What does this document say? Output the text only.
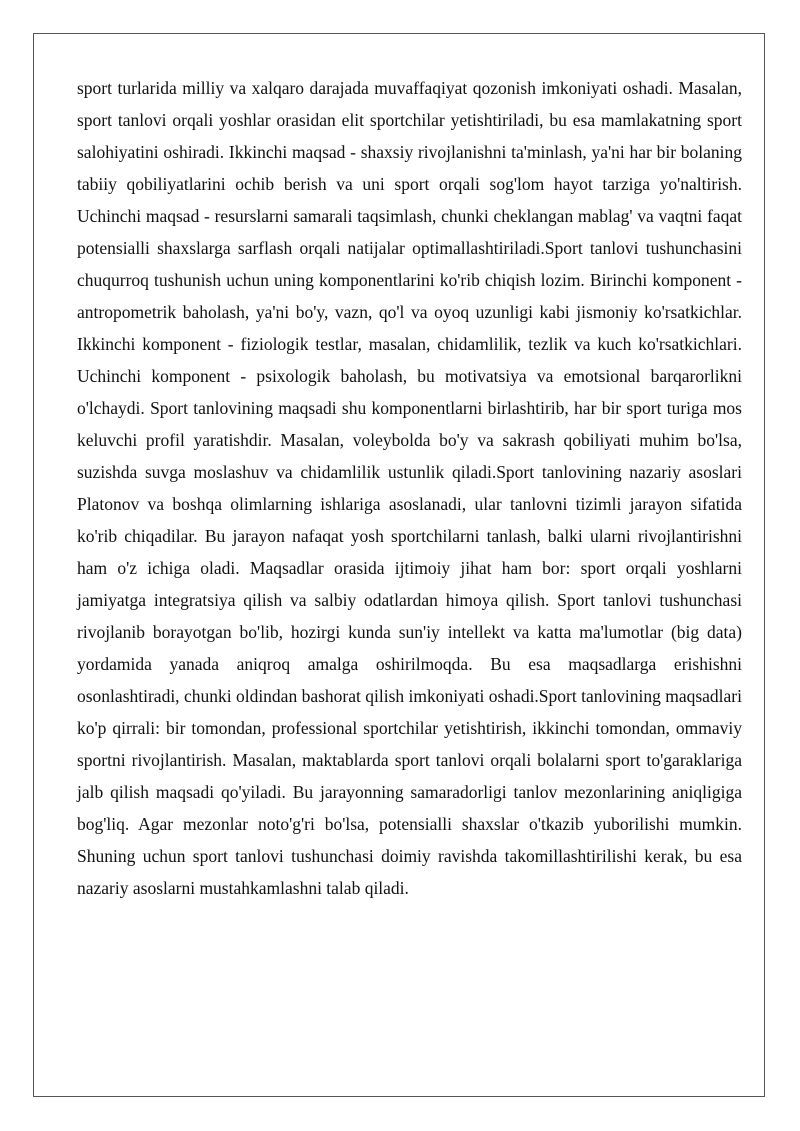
sport turlarida milliy va xalqaro darajada muvaffaqiyat qozonish imkoniyati oshadi. Masalan, sport tanlovi orqali yoshlar orasidan elit sportchilar yetishtiriladi, bu esa mamlakatning sport salohiyatini oshiradi. Ikkinchi maqsad - shaxsiy rivojlanishni ta'minlash, ya'ni har bir bolaning tabiiy qobiliyatlarini ochib berish va uni sport orqali sog'lom hayot tarziga yo'naltirish. Uchinchi maqsad - resurslarni samarali taqsimlash, chunki cheklangan mablag' va vaqtni faqat potensialli shaxslarga sarflash orqali natijalar optimallashtiriladi.Sport tanlovi tushunchasini chuqurroq tushunish uchun uning komponentlarini ko'rib chiqish lozim. Birinchi komponent - antropometrik baholash, ya'ni bo'y, vazn, qo'l va oyoq uzunligi kabi jismoniy ko'rsatkichlar. Ikkinchi komponent - fiziologik testlar, masalan, chidamlilik, tezlik va kuch ko'rsatkichlari. Uchinchi komponent - psixologik baholash, bu motivatsiya va emotsional barqarorlikni o'lchaydi. Sport tanlovining maqsadi shu komponentlarni birlashtirib, har bir sport turiga mos keluvchi profil yaratishdir. Masalan, voleybolda bo'y va sakrash qobiliyati muhim bo'lsa, suzishda suvga moslashuv va chidamlilik ustunlik qiladi.Sport tanlovining nazariy asoslari Platonov va boshqa olimlarning ishlariga asoslanadi, ular tanlovni tizimli jarayon sifatida ko'rib chiqadilar. Bu jarayon nafaqat yosh sportchilarni tanlash, balki ularni rivojlantirishni ham o'z ichiga oladi. Maqsadlar orasida ijtimoiy jihat ham bor: sport orqali yoshlarni jamiyatga integratsiya qilish va salbiy odatlardan himoya qilish. Sport tanlovi tushunchasi rivojlanib borayotgan bo'lib, hozirgi kunda sun'iy intellekt va katta ma'lumotlar (big data) yordamida yanada aniqroq amalga oshirilmoqda. Bu esa maqsadlarga erishishni osonlashtiradi, chunki oldindan bashorat qilish imkoniyati oshadi.Sport tanlovining maqsadlari ko'p qirrali: bir tomondan, professional sportchilar yetishtirish, ikkinchi tomondan, ommaviy sportni rivojlantirish. Masalan, maktablarda sport tanlovi orqali bolalarni sport to'garaklariga jalb qilish maqsadi qo'yiladi. Bu jarayonning samaradorligi tanlov mezonlarining aniqligiga bog'liq. Agar mezonlar noto'g'ri bo'lsa, potensialli shaxslar o'tkazib yuborilishi mumkin. Shuning uchun sport tanlovi tushunchasi doimiy ravishda takomillashtirilishi kerak, bu esa nazariy asoslarni mustahkamlashni talab qiladi.
